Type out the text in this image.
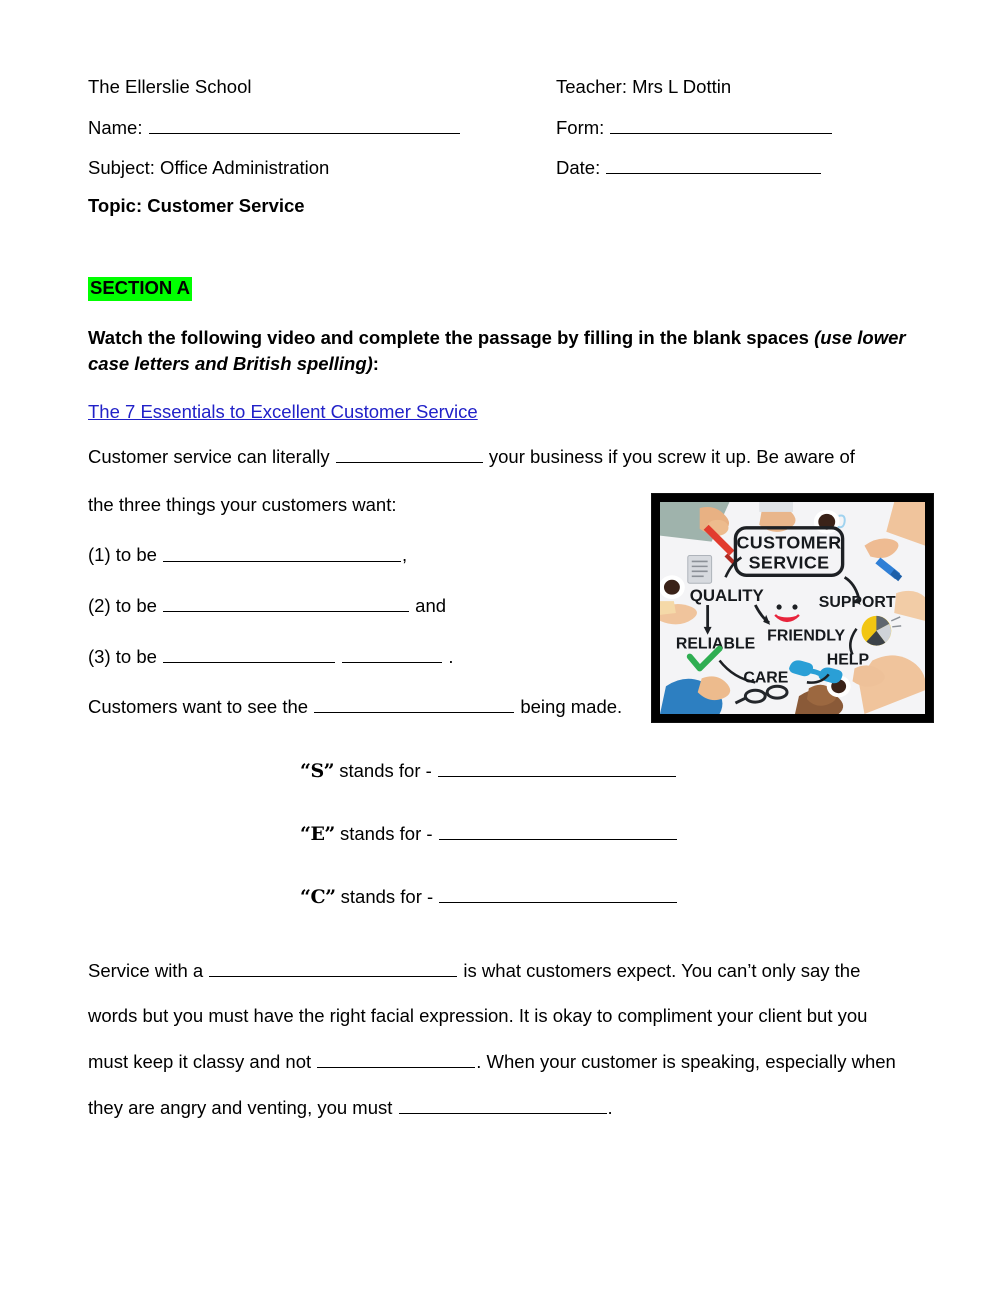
The Ellerslie School	Teacher: Mrs L Dottin
Name:	Form:
Subject: Office Administration	Date:
Topic: Customer Service
SECTION A
Watch the following video and complete the passage by filling in the blank spaces (use lower case letters and British spelling):
The 7 Essentials to Excellent Customer Service
Customer service can literally	your business if you screw it up. Be aware of
the three things your customers want:
(1) to be	,
(2) to be	and
(3) to be	.
Customers want to see the	being made.
“S” stands for -
“E” stands for -
“C” stands for -
Service with a	is what customers expect. You can’t only say the words but you must have the right facial expression. It is okay to compliment your client but you must keep it classy and not	. When your customer is speaking, especially when they are angry and venting, you must	.
CUSTOMER
SERVICE
QUALITY	SUPPORT
RELIABLE FRIENDLY
HELP
CARE
